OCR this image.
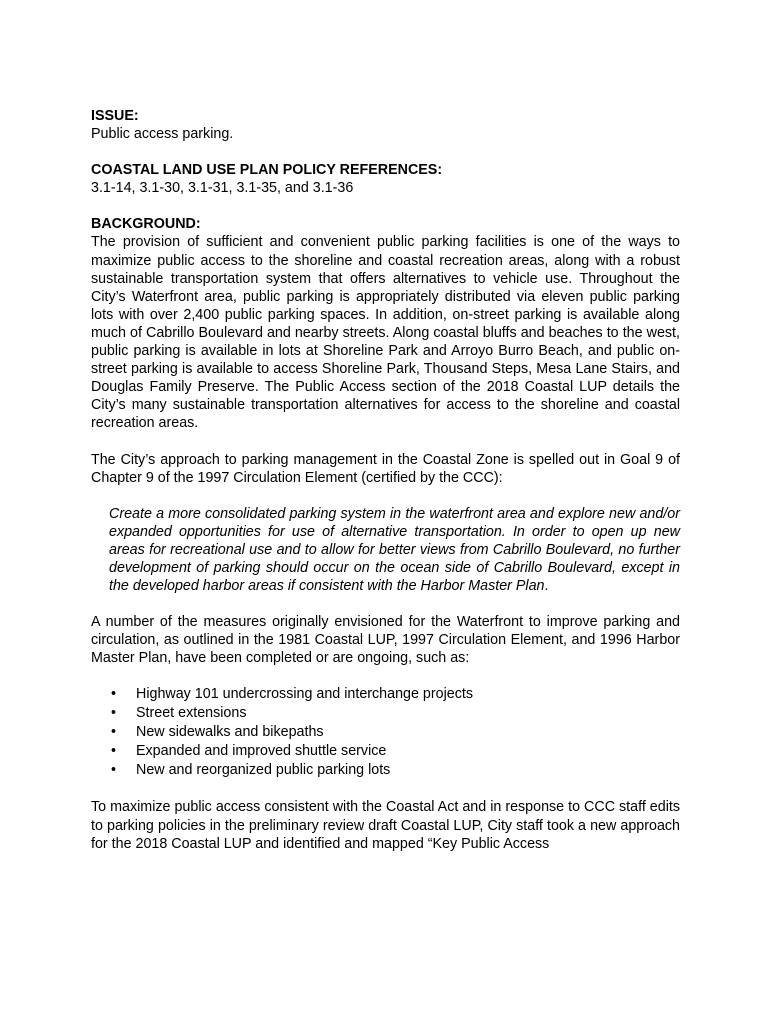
ISSUE:

Public access parking.

COASTAL LAND USE PLAN POLICY REFERENCES:

3.1-14, 3.1-30, 3.1-31, 3.1-35, and 3.1-36

BACKGROUND:

The provision of sufficient and convenient public parking facilities is one of the ways to maximize public access to the shoreline and coastal recreation areas, along with a robust sustainable transportation system that offers alternatives to vehicle use. Throughout the City’s Waterfront area, public parking is appropriately distributed via eleven public parking lots with over 2,400 public parking spaces. In addition, on-street parking is available along much of Cabrillo Boulevard and nearby streets. Along coastal bluffs and beaches to the west, public parking is available in lots at Shoreline Park and Arroyo Burro Beach, and public on-street parking is available to access Shoreline Park, Thousand Steps, Mesa Lane Stairs, and Douglas Family Preserve. The Public Access section of the 2018 Coastal LUP details the City’s many sustainable transportation alternatives for access to the shoreline and coastal recreation areas.

The City’s approach to parking management in the Coastal Zone is spelled out in Goal 9 of Chapter 9 of the 1997 Circulation Element (certified by the CCC):

Create a more consolidated parking system in the waterfront area and explore new and/or expanded opportunities for use of alternative transportation. In order to open up new areas for recreational use and to allow for better views from Cabrillo Boulevard, no further development of parking should occur on the ocean side of Cabrillo Boulevard, except in the developed harbor areas if consistent with the Harbor Master Plan.

A number of the measures originally envisioned for the Waterfront to improve parking and circulation, as outlined in the 1981 Coastal LUP, 1997 Circulation Element, and 1996 Harbor Master Plan, have been completed or are ongoing, such as:

• Highway 101 undercrossing and interchange projects
• Street extensions
• New sidewalks and bikepaths
• Expanded and improved shuttle service
• New and reorganized public parking lots

To maximize public access consistent with the Coastal Act and in response to CCC staff edits to parking policies in the preliminary review draft Coastal LUP, City staff took a new approach for the 2018 Coastal LUP and identified and mapped “Key Public Access
